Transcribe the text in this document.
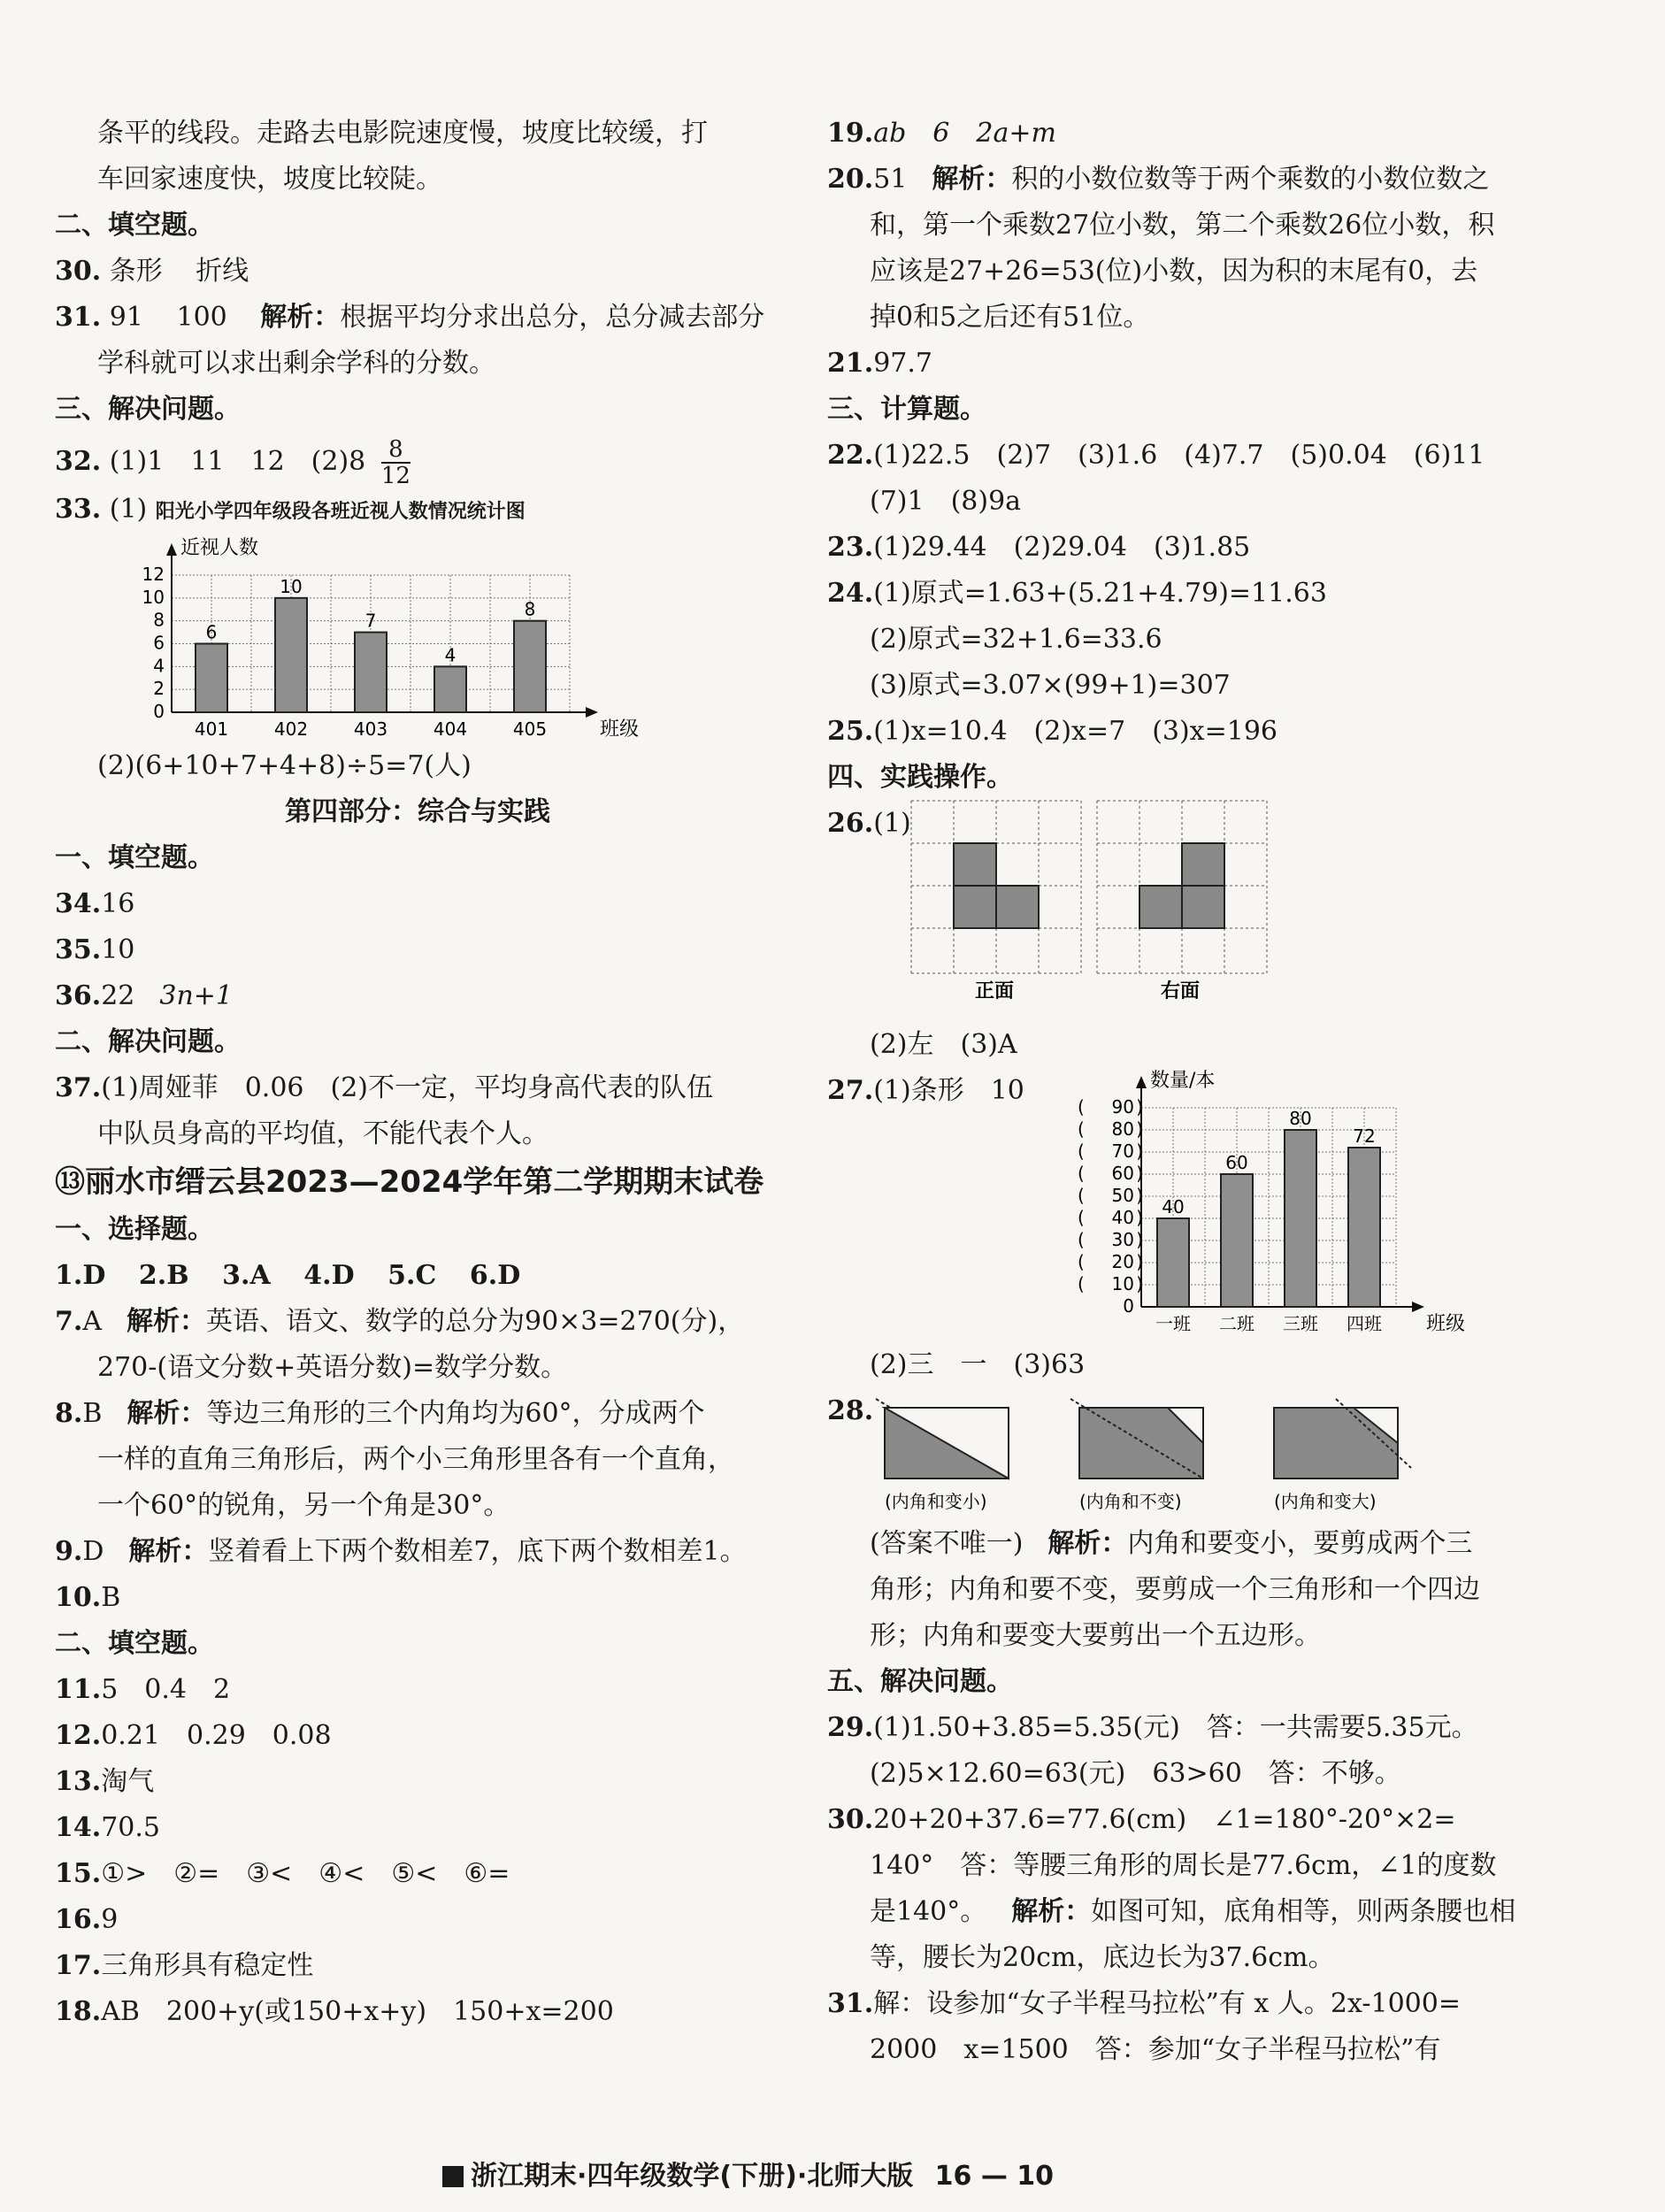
条平的线段。走路去电影院速度慢，坡度比较缓，打
车回家速度快，坡度比较陡。
二、填空题。
30. 条形 折线
31. 91 100 解析：根据平均分求出总分，总分减去部分
学科就可以求出剩余学科的分数。
三、解决问题。
32. (1)1　11　12　$(2)8 \frac{8}{12}$
33. (1) 阳光小学四年级段各班近视人数情况统计图
0
2
4
6
8
10
12
近视人数
班级
6
401
10
402
7
403
4
404
8
405
(2)(6+10+7+4+8)÷5=7(人)
第四部分：综合与实践
一、填空题。
34.16
35.10
36.22 3n+1
二、解决问题。
37.(1)周娅菲　0.06　(2)不一定，平均身高代表的队伍
中队员身高的平均值，不能代表个人。
⑬丽水市缙云县2023—2024学年第二学期期末试卷
一、选择题。
1.D 2.B 3.A 4.D 5.C 6.D
7.A 解析：英语、语文、数学的总分为90×3=270(分)，
270-(语文分数+英语分数)=数学分数。
8.B 解析：等边三角形的三个内角均为60°，分成两个
一样的直角三角形后，两个小三角形里各有一个直角，
一个60°的锐角，另一个角是30°。
9.D 解析：竖着看上下两个数相差7，底下两个数相差1。
10.B
二、填空题。
11.5　0.4　2
12.0.21　0.29　0.08
13.淘气
14.70.5
15.①>　②=　③<　④<　⑤<　⑥=
16.9
17.三角形具有稳定性
18.AB　200+y(或150+x+y)　150+x=200
19.ab　6　2a+m
20.51 解析：积的小数位数等于两个乘数的小数位数之
和，第一个乘数27位小数，第二个乘数26位小数，积
应该是27+26=53(位)小数，因为积的末尾有0，去
掉0和5之后还有51位。
21.97.7
三、计算题。
22.(1)22.5　(2)7　(3)1.6　(4)7.7　(5)0.04　(6)11
(7)1　(8)9a
23.(1)29.44　(2)29.04　(3)1.85
24.(1)原式=1.63+(5.21+4.79)=11.63
(2)原式=32+1.6=33.6
(3)原式=3.07×(99+1)=307
25.(1)x=10.4　(2)x=7　(3)x=196
四、实践操作。
26.(1)
正面	右面
(2)左　(3)A
27.(1)条形　10
0
10
(	)
20
(	)
30
(	)
40
(	)
50
(	)
60
(	)
70
(	)
80
(	)
90
(	)
数量/本
班级
40
一班
60
二班
80
三班
72
四班
(2)三　一　(3)63
28.
(内角和变小)	(内角和不变)	(内角和变大)
(答案不唯一) 解析：内角和要变小，要剪成两个三
角形；内角和要不变，要剪成一个三角形和一个四边
形；内角和要变大要剪出一个五边形。
五、解决问题。
29.(1)1.50+3.85=5.35(元)　答：一共需要5.35元。
(2)5×12.60=63(元)　63>60　答：不够。
30.20+20+37.6=77.6(cm)　∠1=180°-20°×2=
140°　答：等腰三角形的周长是77.6cm，∠1的度数
是140°。 解析：如图可知，底角相等，则两条腰也相
等，腰长为20cm，底边长为37.6cm。
31.解：设参加“女子半程马拉松”有 x 人。2x-1000=
2000　x=1500　答：参加“女子半程马拉松”有
浙江期末·四年级数学(下册)·北师大版 16 — 10
